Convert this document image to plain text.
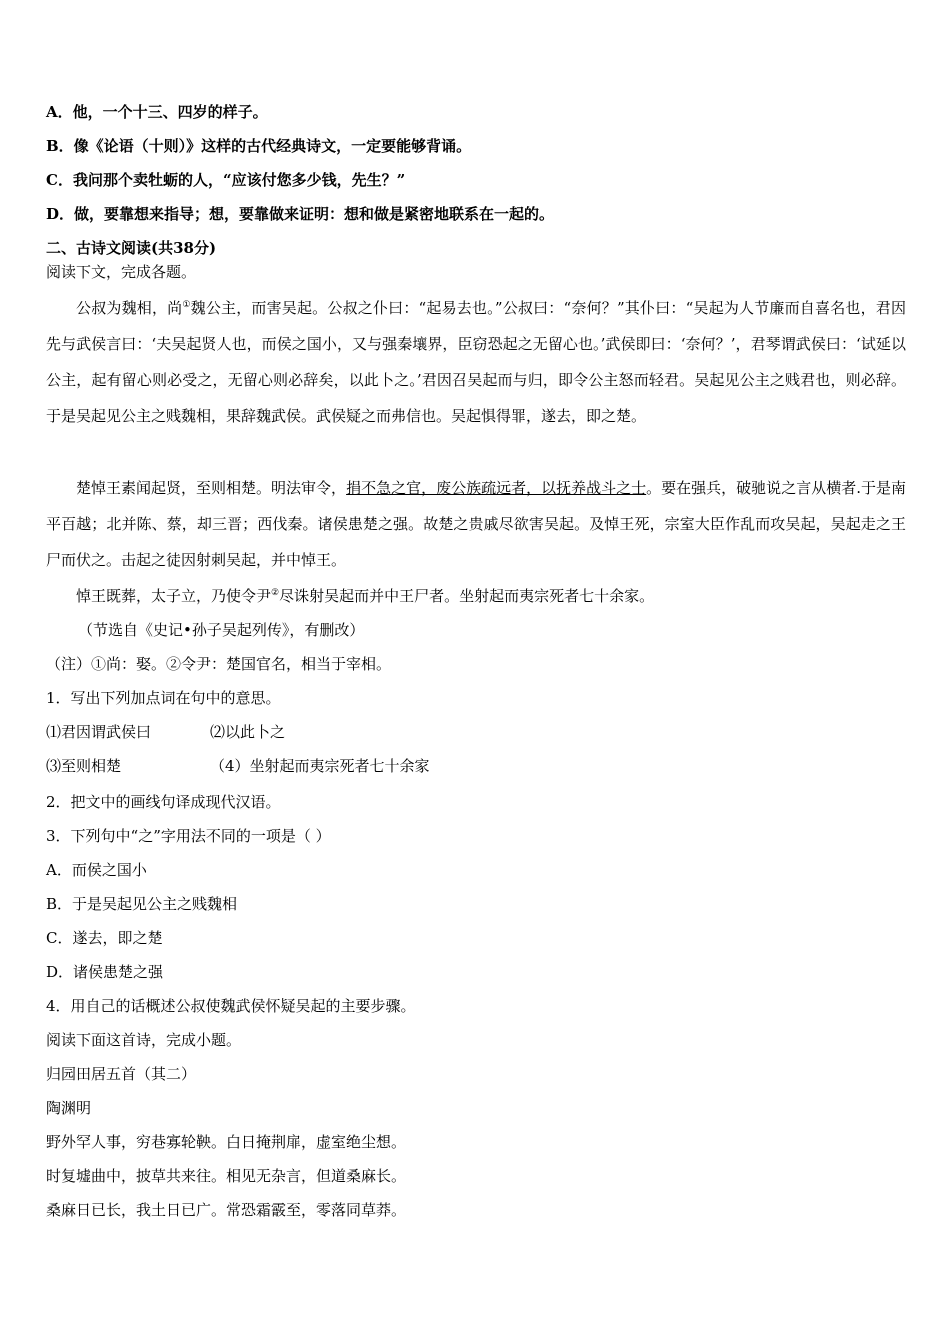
A．他，一个十三、四岁的样子。
B．像《论语（十则）》这样的古代经典诗文，一定要能够背诵。
C．我问那个卖牡蛎的人，“应该付您多少钱，先生？”
D．做，要靠想来指导；想，要靠做来证明：想和做是紧密地联系在一起的。
二、古诗文阅读(共38分)
阅读下文，完成各题。

公叔为魏相，尚①魏公主，而害吴起。公叔之仆曰：“起易去也。”公叔曰：“奈何？”其仆曰：“吴起为人节廉而自喜名也，君因先与武侯言曰：‘夫吴起贤人也，而侯之国小，又与强秦壤界，臣窃恐起之无留心也。’武侯即曰：‘奈何？’，君琴谓武侯曰：‘试延以公主，起有留心则必受之，无留心则必辞矣，以此卜之。’君因召吴起而与归，即令公主怒而轻君。吴起见公主之贱君也，则必辞。于是吴起见公主之贱魏相，果辞魏武侯。武侯疑之而弗信也。吴起惧得罪，遂去，即之楚。

楚悼王素闻起贤，至则相楚。明法审令，捐不急之官，废公族疏远者，以抚养战斗之士。要在强兵，破驰说之言从横者.于是南平百越；北并陈、蔡，却三晋；西伐秦。诸侯患楚之强。故楚之贵戚尽欲害吴起。及悼王死，宗室大臣作乱而攻吴起，吴起走之王尸而伏之。击起之徒因射刺吴起，并中悼王。

悼王既葬，太子立，乃使令尹②尽诛射吴起而并中王尸者。坐射起而夷宗死者七十余家。

（节选自《史记•孙子吴起列传》，有删改）
（注）①尚：娶。②令尹：楚国官名，相当于宰相。
1．写出下列加点词在句中的意思。
⑴君因谓武侯曰	⑵以此卜之
⑶至则相楚	（4）坐射起而夷宗死者七十余家
2．把文中的画线句译成现代汉语。
3．下列句中“之”字用法不同的一项是（ ）
A．而侯之国小
B．于是吴起见公主之贱魏相
C．遂去，即之楚
D．诸侯患楚之强
4．用自己的话概述公叔使魏武侯怀疑吴起的主要步骤。
阅读下面这首诗，完成小题。
归园田居五首（其二）
陶渊明
野外罕人事，穷巷寡轮鞅。白日掩荆扉，虚室绝尘想。
时复墟曲中，披草共来往。相见无杂言，但道桑麻长。
桑麻日已长，我土日已广。常恐霜霰至，零落同草莽。
